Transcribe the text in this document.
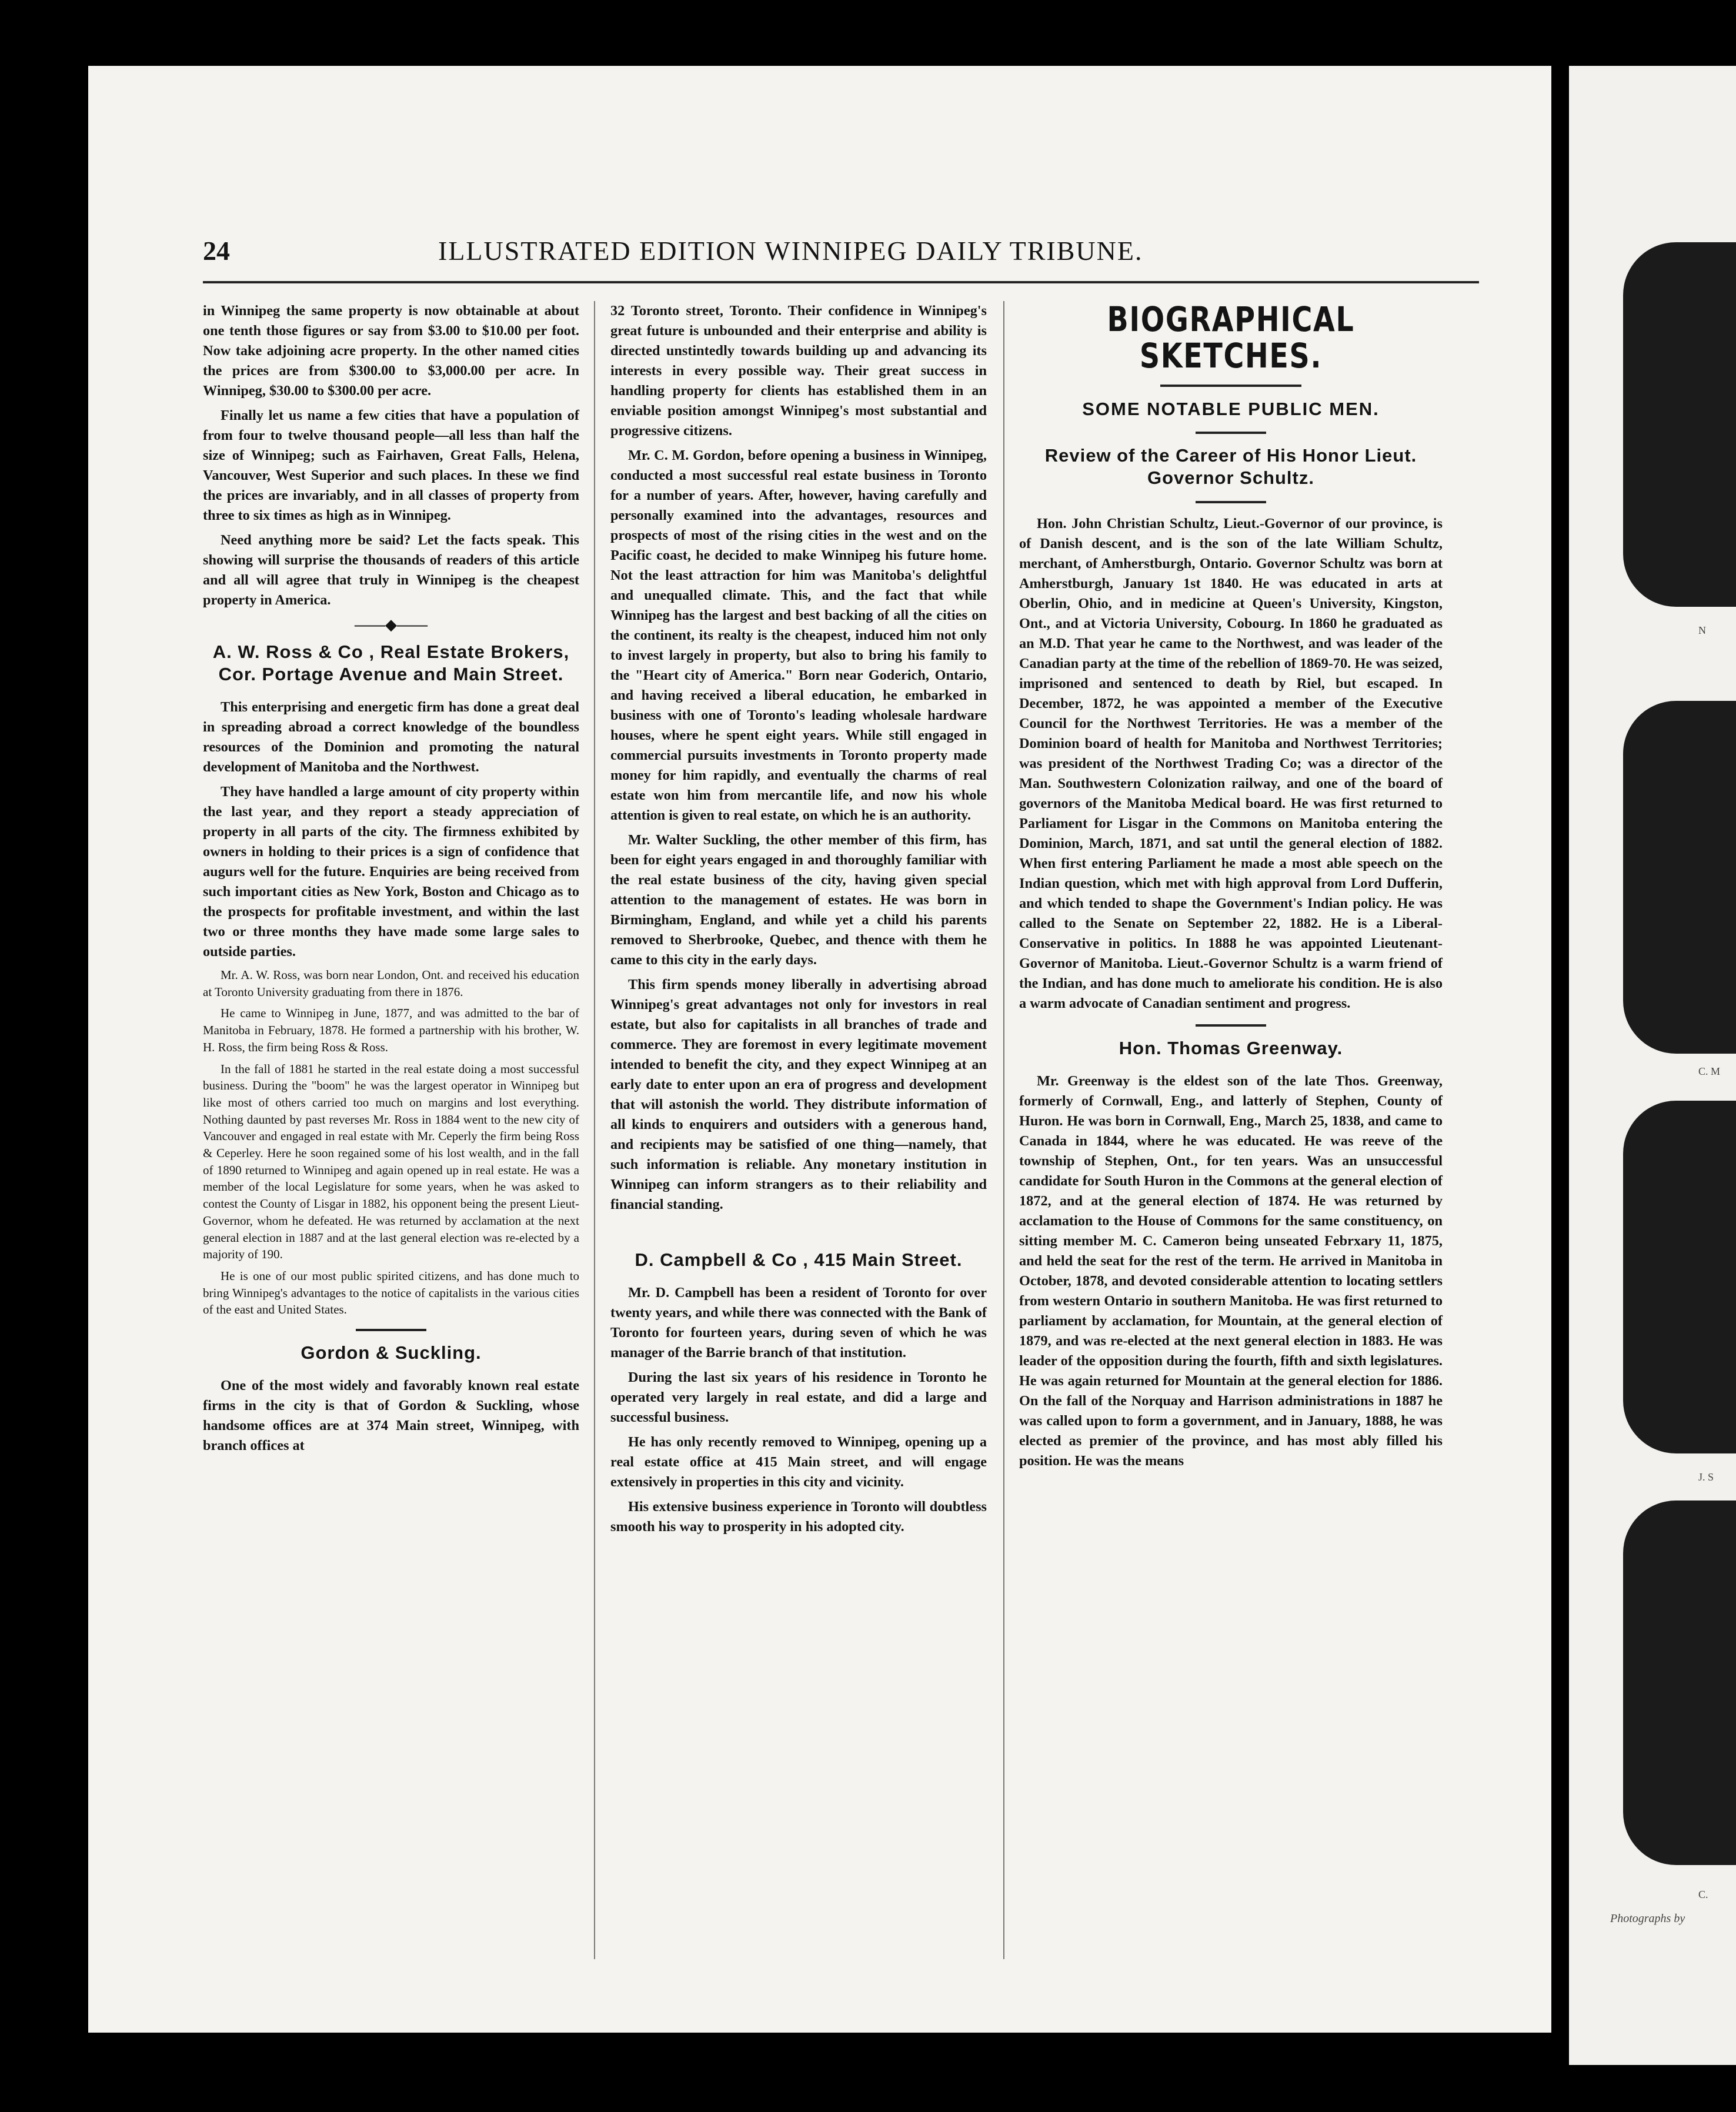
N
C. M
J. S
C.
Photographs by
24	ILLUSTRATED EDITION WINNIPEG DAILY TRIBUNE.

in Winnipeg the same property is now obtainable at about one tenth those figures or say from $3.00 to $10.00 per foot. Now take adjoining acre property. In the other named cities the prices are from $300.00 to $3,000.00 per acre. In Winnipeg, $30.00 to $300.00 per acre.

Finally let us name a few cities that have a population of from four to twelve thousand people—all less than half the size of Winnipeg; such as Fairhaven, Great Falls, Helena, Vancouver, West Superior and such places. In these we find the prices are invariably, and in all classes of property from three to six times as high as in Winnipeg.

Need anything more be said? Let the facts speak. This showing will surprise the thousands of readers of this article and all will agree that truly in Winnipeg is the cheapest property in America.

——◆——
A. W. Ross & Co , Real Estate Brokers, Cor. Portage Avenue and Main Street.

This enterprising and energetic firm has done a great deal in spreading abroad a correct knowledge of the boundless resources of the Dominion and promoting the natural development of Manitoba and the Northwest.

They have handled a large amount of city property within the last year, and they report a steady appreciation of property in all parts of the city. The firmness exhibited by owners in holding to their prices is a sign of confidence that augurs well for the future. Enquiries are being received from such important cities as New York, Boston and Chicago as to the prospects for profitable investment, and within the last two or three months they have made some large sales to outside parties.

Mr. A. W. Ross, was born near London, Ont. and received his education at Toronto University graduating from there in 1876.

He came to Winnipeg in June, 1877, and was admitted to the bar of Manitoba in February, 1878. He formed a partnership with his brother, W. H. Ross, the firm being Ross & Ross.

In the fall of 1881 he started in the real estate doing a most successful business. During the "boom" he was the largest operator in Winnipeg but like most of others carried too much on margins and lost everything. Nothing daunted by past reverses Mr. Ross in 1884 went to the new city of Vancouver and engaged in real estate with Mr. Ceperly the firm being Ross & Ceperley. Here he soon regained some of his lost wealth, and in the fall of 1890 returned to Winnipeg and again opened up in real estate. He was a member of the local Legislature for some years, when he was asked to contest the County of Lisgar in 1882, his opponent being the present Lieut-Governor, whom he defeated. He was returned by acclamation at the next general election in 1887 and at the last general election was re-elected by a majority of 190.

He is one of our most public spirited citizens, and has done much to bring Winnipeg's advantages to the notice of capitalists in the various cities of the east and United States.

Gordon & Suckling.

One of the most widely and favorably known real estate firms in the city is that of Gordon & Suckling, whose handsome offices are at 374 Main street, Winnipeg, with branch offices at

32 Toronto street, Toronto. Their confidence in Winnipeg's great future is unbounded and their enterprise and ability is directed unstintedly towards building up and advancing its interests in every possible way. Their great success in handling property for clients has established them in an enviable position amongst Winnipeg's most substantial and progressive citizens.

Mr. C. M. Gordon, before opening a business in Winnipeg, conducted a most successful real estate business in Toronto for a number of years. After, however, having carefully and personally examined into the advantages, resources and prospects of most of the rising cities in the west and on the Pacific coast, he decided to make Winnipeg his future home. Not the least attraction for him was Manitoba's delightful and unequalled climate. This, and the fact that while Winnipeg has the largest and best backing of all the cities on the continent, its realty is the cheapest, induced him not only to invest largely in property, but also to bring his family to the "Heart city of America." Born near Goderich, Ontario, and having received a liberal education, he embarked in business with one of Toronto's leading wholesale hardware houses, where he spent eight years. While still engaged in commercial pursuits investments in Toronto property made money for him rapidly, and eventually the charms of real estate won him from mercantile life, and now his whole attention is given to real estate, on which he is an authority.

Mr. Walter Suckling, the other member of this firm, has been for eight years engaged in and thoroughly familiar with the real estate business of the city, having given special attention to the management of estates. He was born in Birmingham, England, and while yet a child his parents removed to Sherbrooke, Quebec, and thence with them he came to this city in the early days.

This firm spends money liberally in advertising abroad Winnipeg's great advantages not only for investors in real estate, but also for capitalists in all branches of trade and commerce. They are foremost in every legitimate movement intended to benefit the city, and they expect Winnipeg at an early date to enter upon an era of progress and development that will astonish the world. They distribute information of all kinds to enquirers and outsiders with a generous hand, and recipients may be satisfied of one thing—namely, that such information is reliable. Any monetary institution in Winnipeg can inform strangers as to their reliability and financial standing.

D. Campbell & Co , 415 Main Street.

Mr. D. Campbell has been a resident of Toronto for over twenty years, and while there was connected with the Bank of Toronto for fourteen years, during seven of which he was manager of the Barrie branch of that institution.

During the last six years of his residence in Toronto he operated very largely in real estate, and did a large and successful business.

He has only recently removed to Winnipeg, opening up a real estate office at 415 Main street, and will engage extensively in properties in this city and vicinity.

His extensive business experience in Toronto will doubtless smooth his way to prosperity in his adopted city.

BIOGRAPHICAL SKETCHES.
SOME NOTABLE PUBLIC MEN.
Review of the Career of His Honor Lieut. Governor Schultz.

Hon. John Christian Schultz, Lieut.-Governor of our province, is of Danish descent, and is the son of the late William Schultz, merchant, of Amherstburgh, Ontario. Governor Schultz was born at Amherstburgh, January 1st 1840. He was educated in arts at Oberlin, Ohio, and in medicine at Queen's University, Kingston, Ont., and at Victoria University, Cobourg. In 1860 he graduated as an M.D. That year he came to the Northwest, and was leader of the Canadian party at the time of the rebellion of 1869-70. He was seized, imprisoned and sentenced to death by Riel, but escaped. In December, 1872, he was appointed a member of the Executive Council for the Northwest Territories. He was a member of the Dominion board of health for Manitoba and Northwest Territories; was president of the Northwest Trading Co; was a director of the Man. Southwestern Colonization railway, and one of the board of governors of the Manitoba Medical board. He was first returned to Parliament for Lisgar in the Commons on Manitoba entering the Dominion, March, 1871, and sat until the general election of 1882. When first entering Parliament he made a most able speech on the Indian question, which met with high approval from Lord Dufferin, and which tended to shape the Government's Indian policy. He was called to the Senate on September 22, 1882. He is a Liberal-Conservative in politics. In 1888 he was appointed Lieutenant-Governor of Manitoba. Lieut.-Governor Schultz is a warm friend of the Indian, and has done much to ameliorate his condition. He is also a warm advocate of Canadian sentiment and progress.

Hon. Thomas Greenway.

Mr. Greenway is the eldest son of the late Thos. Greenway, formerly of Cornwall, Eng., and latterly of Stephen, County of Huron. He was born in Cornwall, Eng., March 25, 1838, and came to Canada in 1844, where he was educated. He was reeve of the township of Stephen, Ont., for ten years. Was an unsuccessful candidate for South Huron in the Commons at the general election of 1872, and at the general election of 1874. He was returned by acclamation to the House of Commons for the same constituency, on sitting member M. C. Cameron being unseated Febrxary 11, 1875, and held the seat for the rest of the term. He arrived in Manitoba in October, 1878, and devoted considerable attention to locating settlers from western Ontario in southern Manitoba. He was first returned to parliament by acclamation, for Mountain, at the general election of 1879, and was re-elected at the next general election in 1883. He was leader of the opposition during the fourth, fifth and sixth legislatures. He was again returned for Mountain at the general election for 1886. On the fall of the Norquay and Harrison administrations in 1887 he was called upon to form a government, and in January, 1888, he was elected as premier of the province, and has most ably filled his position. He was the means
